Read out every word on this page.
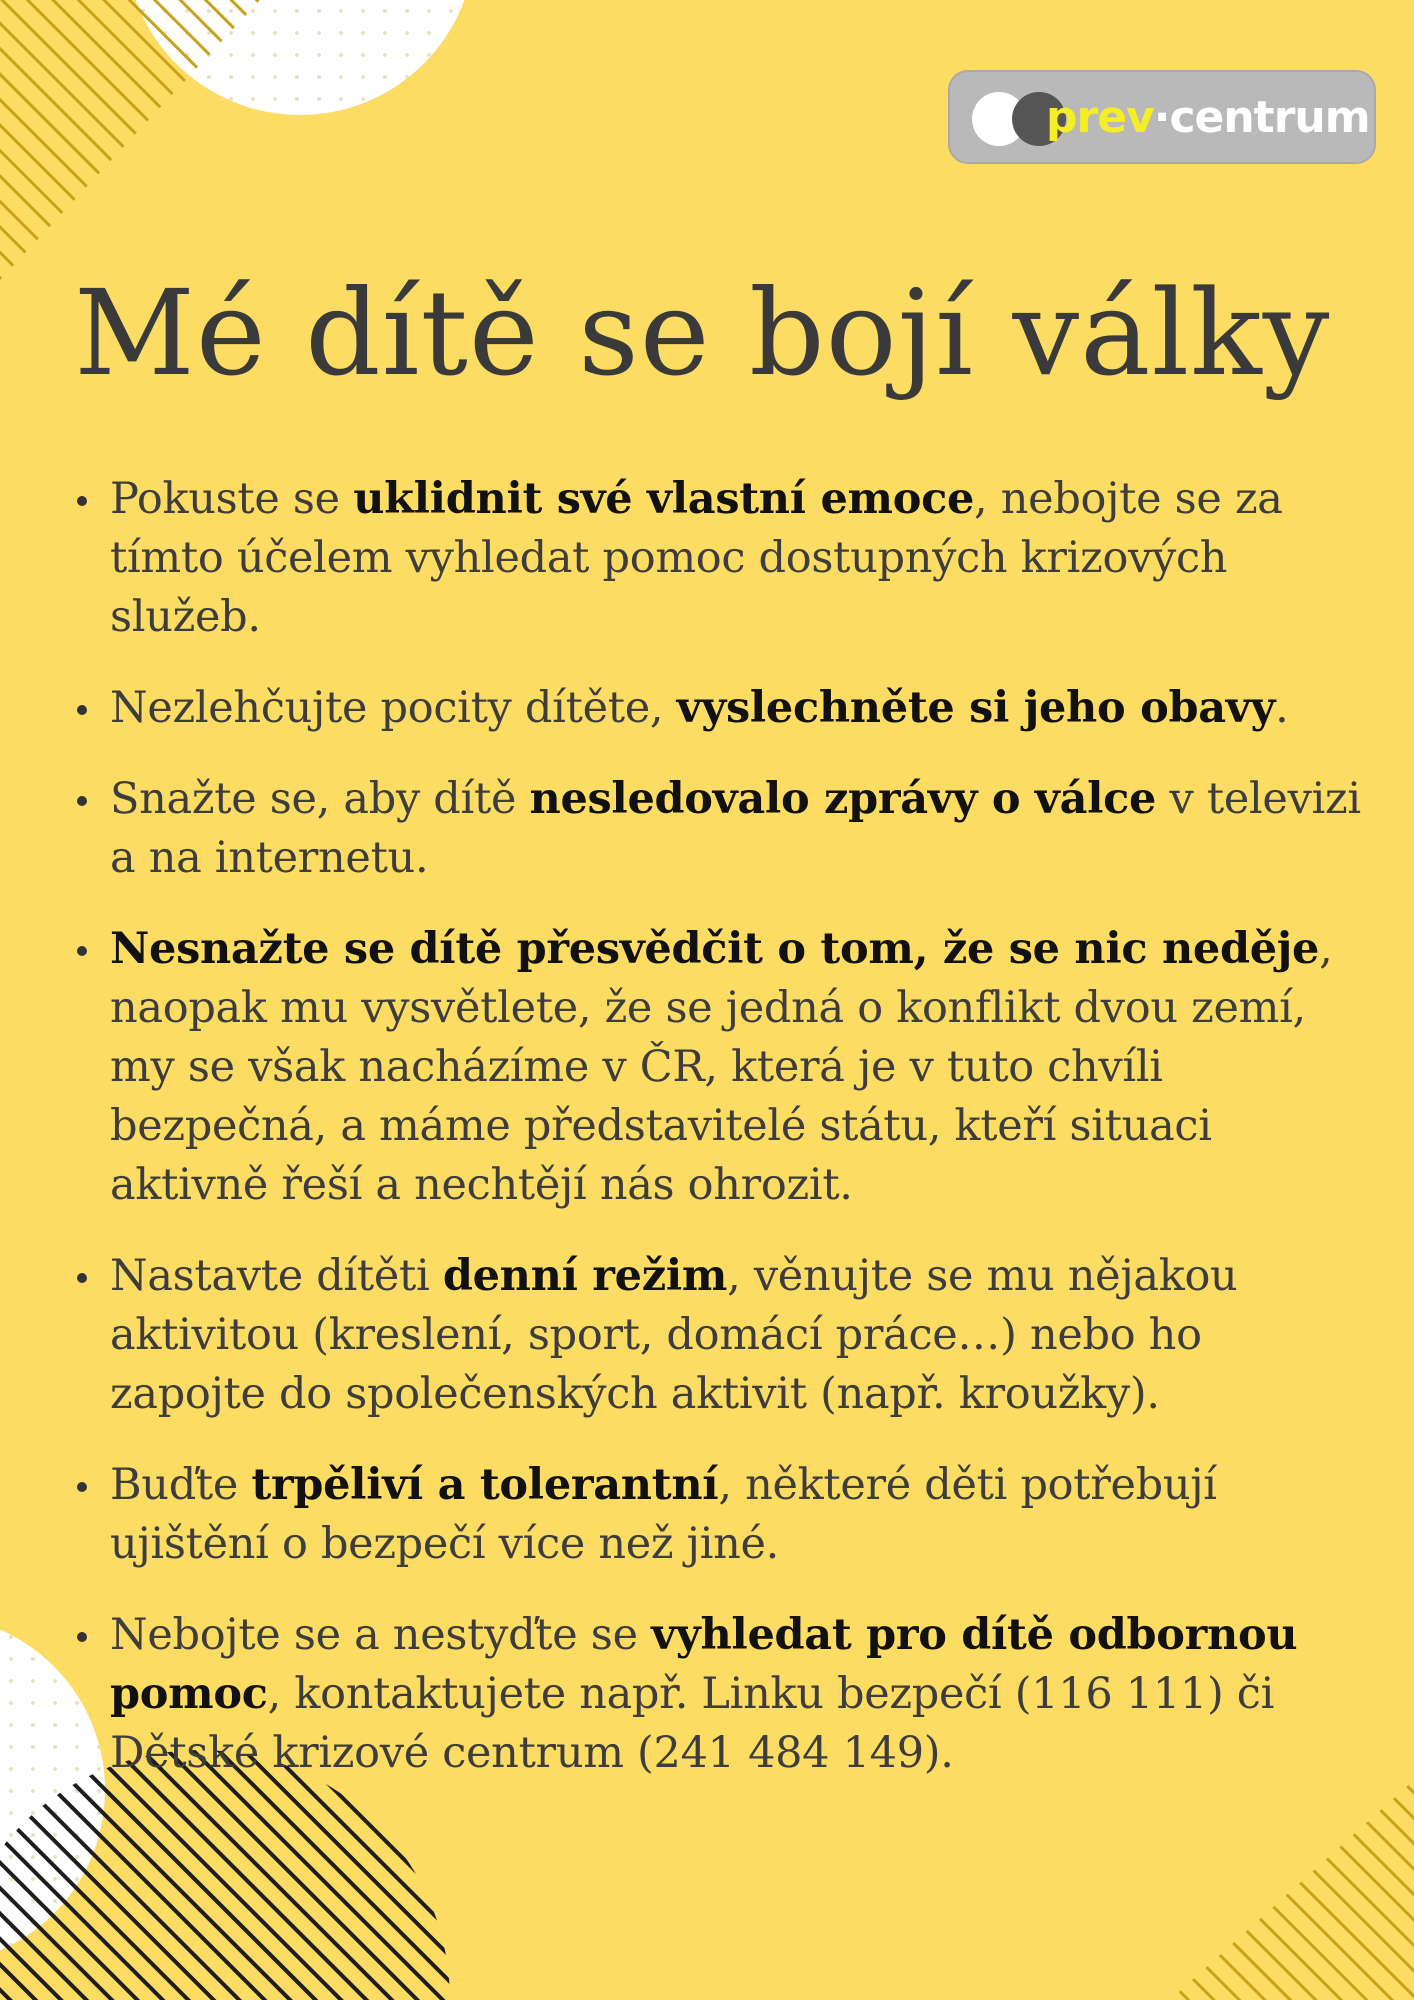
prev·centrum
Mé dítě se bojí války
Pokuste se uklidnit své vlastní emoce, nebojte se za tímto účelem vyhledat pomoc dostupných krizových služeb.
Nezlehčujte pocity dítěte, vyslechněte si jeho obavy.
Snažte se, aby dítě nesledovalo zprávy o válce v televizi a na internetu.
Nesnažte se dítě přesvědčit o tom, že se nic neděje, naopak mu vysvětlete, že se jedná o konflikt dvou zemí, my se však nacházíme v ČR, která je v tuto chvíli bezpečná, a máme představitelé státu, kteří situaci aktivně řeší a nechtějí nás ohrozit.
Nastavte dítěti denní režim, věnujte se mu nějakou aktivitou (kreslení, sport, domácí práce…) nebo ho zapojte do společenských aktivit (např. kroužky).
Buďte trpěliví a tolerantní, některé děti potřebují ujištění o bezpečí více než jiné.
Nebojte se a nestyďte se vyhledat pro dítě odbornou pomoc, kontaktujete např. Linku bezpečí (116 111) či Dětské krizové centrum (241 484 149).
